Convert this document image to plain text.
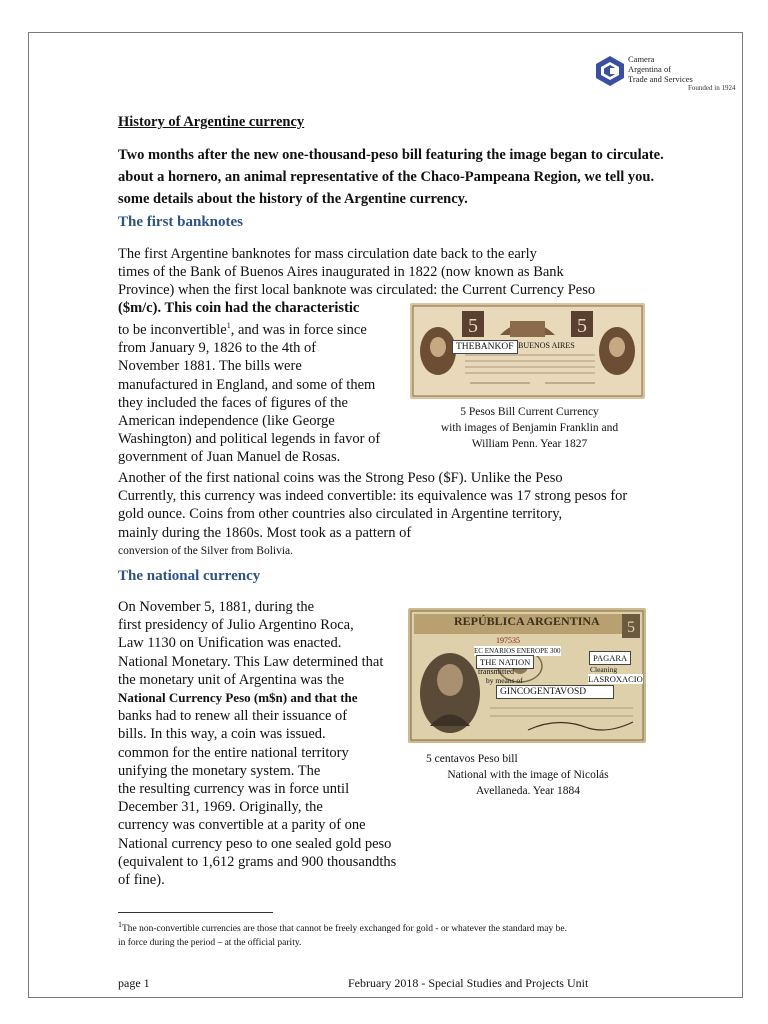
Camera
Argentina of
Trade and Services
Founded in 1924
History of Argentine currency
Two months after the new one-thousand-peso bill featuring the image began to circulate.
about a hornero, an animal representative of the Chaco-Pampeana Region, we tell you.
some details about the history of the Argentine currency.
The first banknotes
The first Argentine banknotes for mass circulation date back to the early
times of the Bank of Buenos Aires inaugurated in 1822 (now known as Bank
Province) when the first local banknote was circulated: the Current Currency Peso
($m/c). This coin had the characteristic
to be inconvertible$^1$, and was in force since
from January 9, 1826 to the 4th of
November 1881. The bills were
manufactured in England, and some of them
they included the faces of figures of the
American independence (like George
Washington) and political legends in favor of
government of Juan Manuel de Rosas.
5	5
THEBANKOF BUENOS AIRES
5 Pesos Bill Current Currency
with images of Benjamin Franklin and
William Penn. Year 1827
Another of the first national coins was the Strong Peso ($F). Unlike the Peso
Currently, this currency was indeed convertible: its equivalence was 17 strong pesos for
gold ounce. Coins from other countries also circulated in Argentine territory,
mainly during the 1860s. Most took as a pattern of
conversion of the Silver from Bolivia.
The national currency
On November 5, 1881, during the
first presidency of Julio Argentino Roca,
Law 1130 on Unification was enacted.
National Monetary. This Law determined that
the monetary unit of Argentina was the
National Currency Peso (m$n) and that the
banks had to renew all their issuance of
bills. In this way, a coin was issued.
common for the entire national territory
unifying the monetary system. The
the resulting currency was in force until
December 31, 1969. Originally, the
currency was convertible at a parity of one
National currency peso to one sealed gold peso
(equivalent to 1,612 grams and 900 thousandths
of fine).
5
REPÚBLICA ARGENTINA
197535
EC ENARIOS ENEROPE 300
THE NATION
transmitted
by means of
PAGARA
Cleaning
LASROXACIO
GINCOGENTAVOSD
5 centavos Peso bill
National with the image of Nicolás
Avellaneda. Year 1884
$^1$The non-convertible currencies are those that cannot be freely exchanged for gold - or whatever the standard may be.
in force during the period – at the official parity.
page 1	February 2018 - Special Studies and Projects Unit
